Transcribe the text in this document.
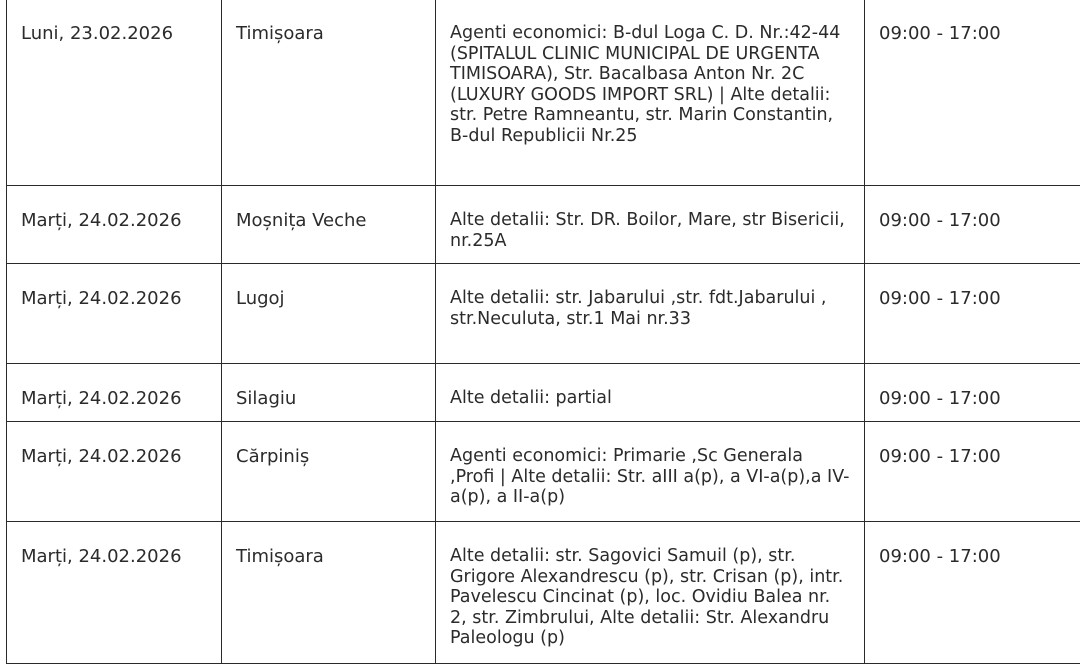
Luni, 23.02.2026	Timișoara	Agenti economici: B-dul Loga C. D. Nr.:42-44 (SPITALUL CLINIC MUNICIPAL DE URGENTA TIMISOARA), Str. Bacalbasa Anton Nr. 2C (LUXURY GOODS IMPORT SRL) | Alte detalii: str. Petre Ramneantu, str. Marin Constantin, B-dul Republicii Nr.25	09:00 - 17:00
Marți, 24.02.2026	Moșnița Veche	Alte detalii: Str. DR. Boilor, Mare, str Bisericii, nr.25A	09:00 - 17:00
Marți, 24.02.2026	Lugoj	Alte detalii: str. Jabarului ,str. fdt.Jabarului , str.Neculuta, str.1 Mai nr.33	09:00 - 17:00
Marți, 24.02.2026	Silagiu	Alte detalii: partial	09:00 - 17:00
Marți, 24.02.2026	Cărpiniș	Agenti economici: Primarie ,Sc Generala ,Profi | Alte detalii: Str. aIII a(p), a VI-a(p),a IV-a(p), a II-a(p)	09:00 - 17:00
Marți, 24.02.2026	Timișoara	Alte detalii: str. Sagovici Samuil (p), str. Grigore Alexandrescu (p), str. Crisan (p), intr. Pavelescu Cincinat (p), loc. Ovidiu Balea nr. 2, str. Zimbrului, Alte detalii: Str. Alexandru Paleologu (p)	09:00 - 17:00
